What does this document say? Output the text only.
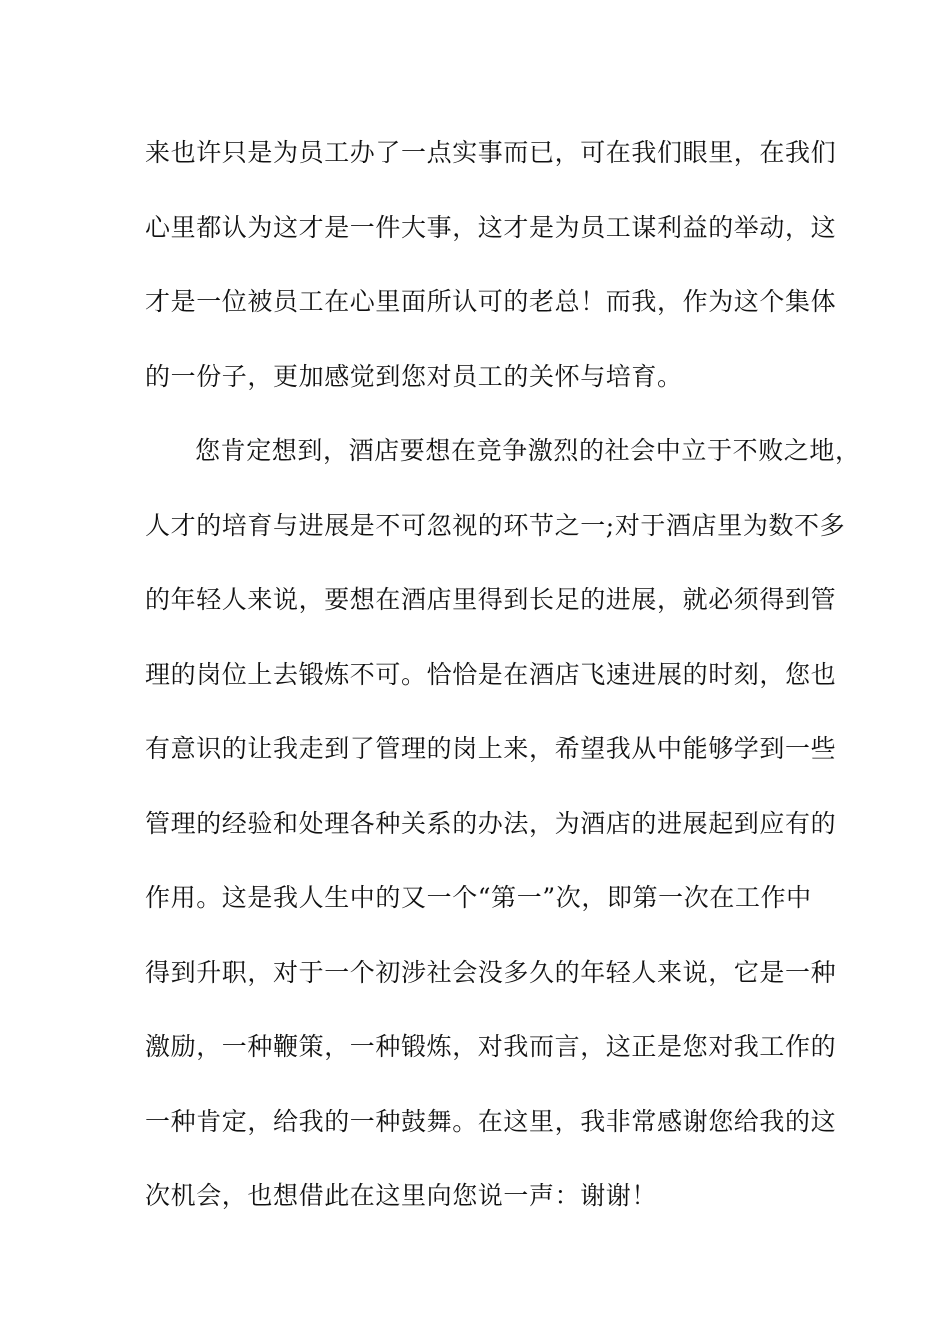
来也许只是为员工办了一点实事而已，可在我们眼里，在我们
心里都认为这才是一件大事，这才是为员工谋利益的举动，这
才是一位被员工在心里面所认可的老总！而我，作为这个集体
的一份子，更加感觉到您对员工的关怀与培育。
您肯定想到，酒店要想在竞争激烈的社会中立于不败之地，
人才的培育与进展是不可忽视的环节之一;对于酒店里为数不多
的年轻人来说，要想在酒店里得到长足的进展，就必须得到管
理的岗位上去锻炼不可。恰恰是在酒店飞速进展的时刻，您也
有意识的让我走到了管理的岗上来，希望我从中能够学到一些
管理的经验和处理各种关系的办法，为酒店的进展起到应有的
作用。这是我人生中的又一个“第一”次，即第一次在工作中
得到升职，对于一个初涉社会没多久的年轻人来说，它是一种
激励，一种鞭策，一种锻炼，对我而言，这正是您对我工作的
一种肯定，给我的一种鼓舞。在这里，我非常感谢您给我的这
次机会，也想借此在这里向您说一声：谢谢！
